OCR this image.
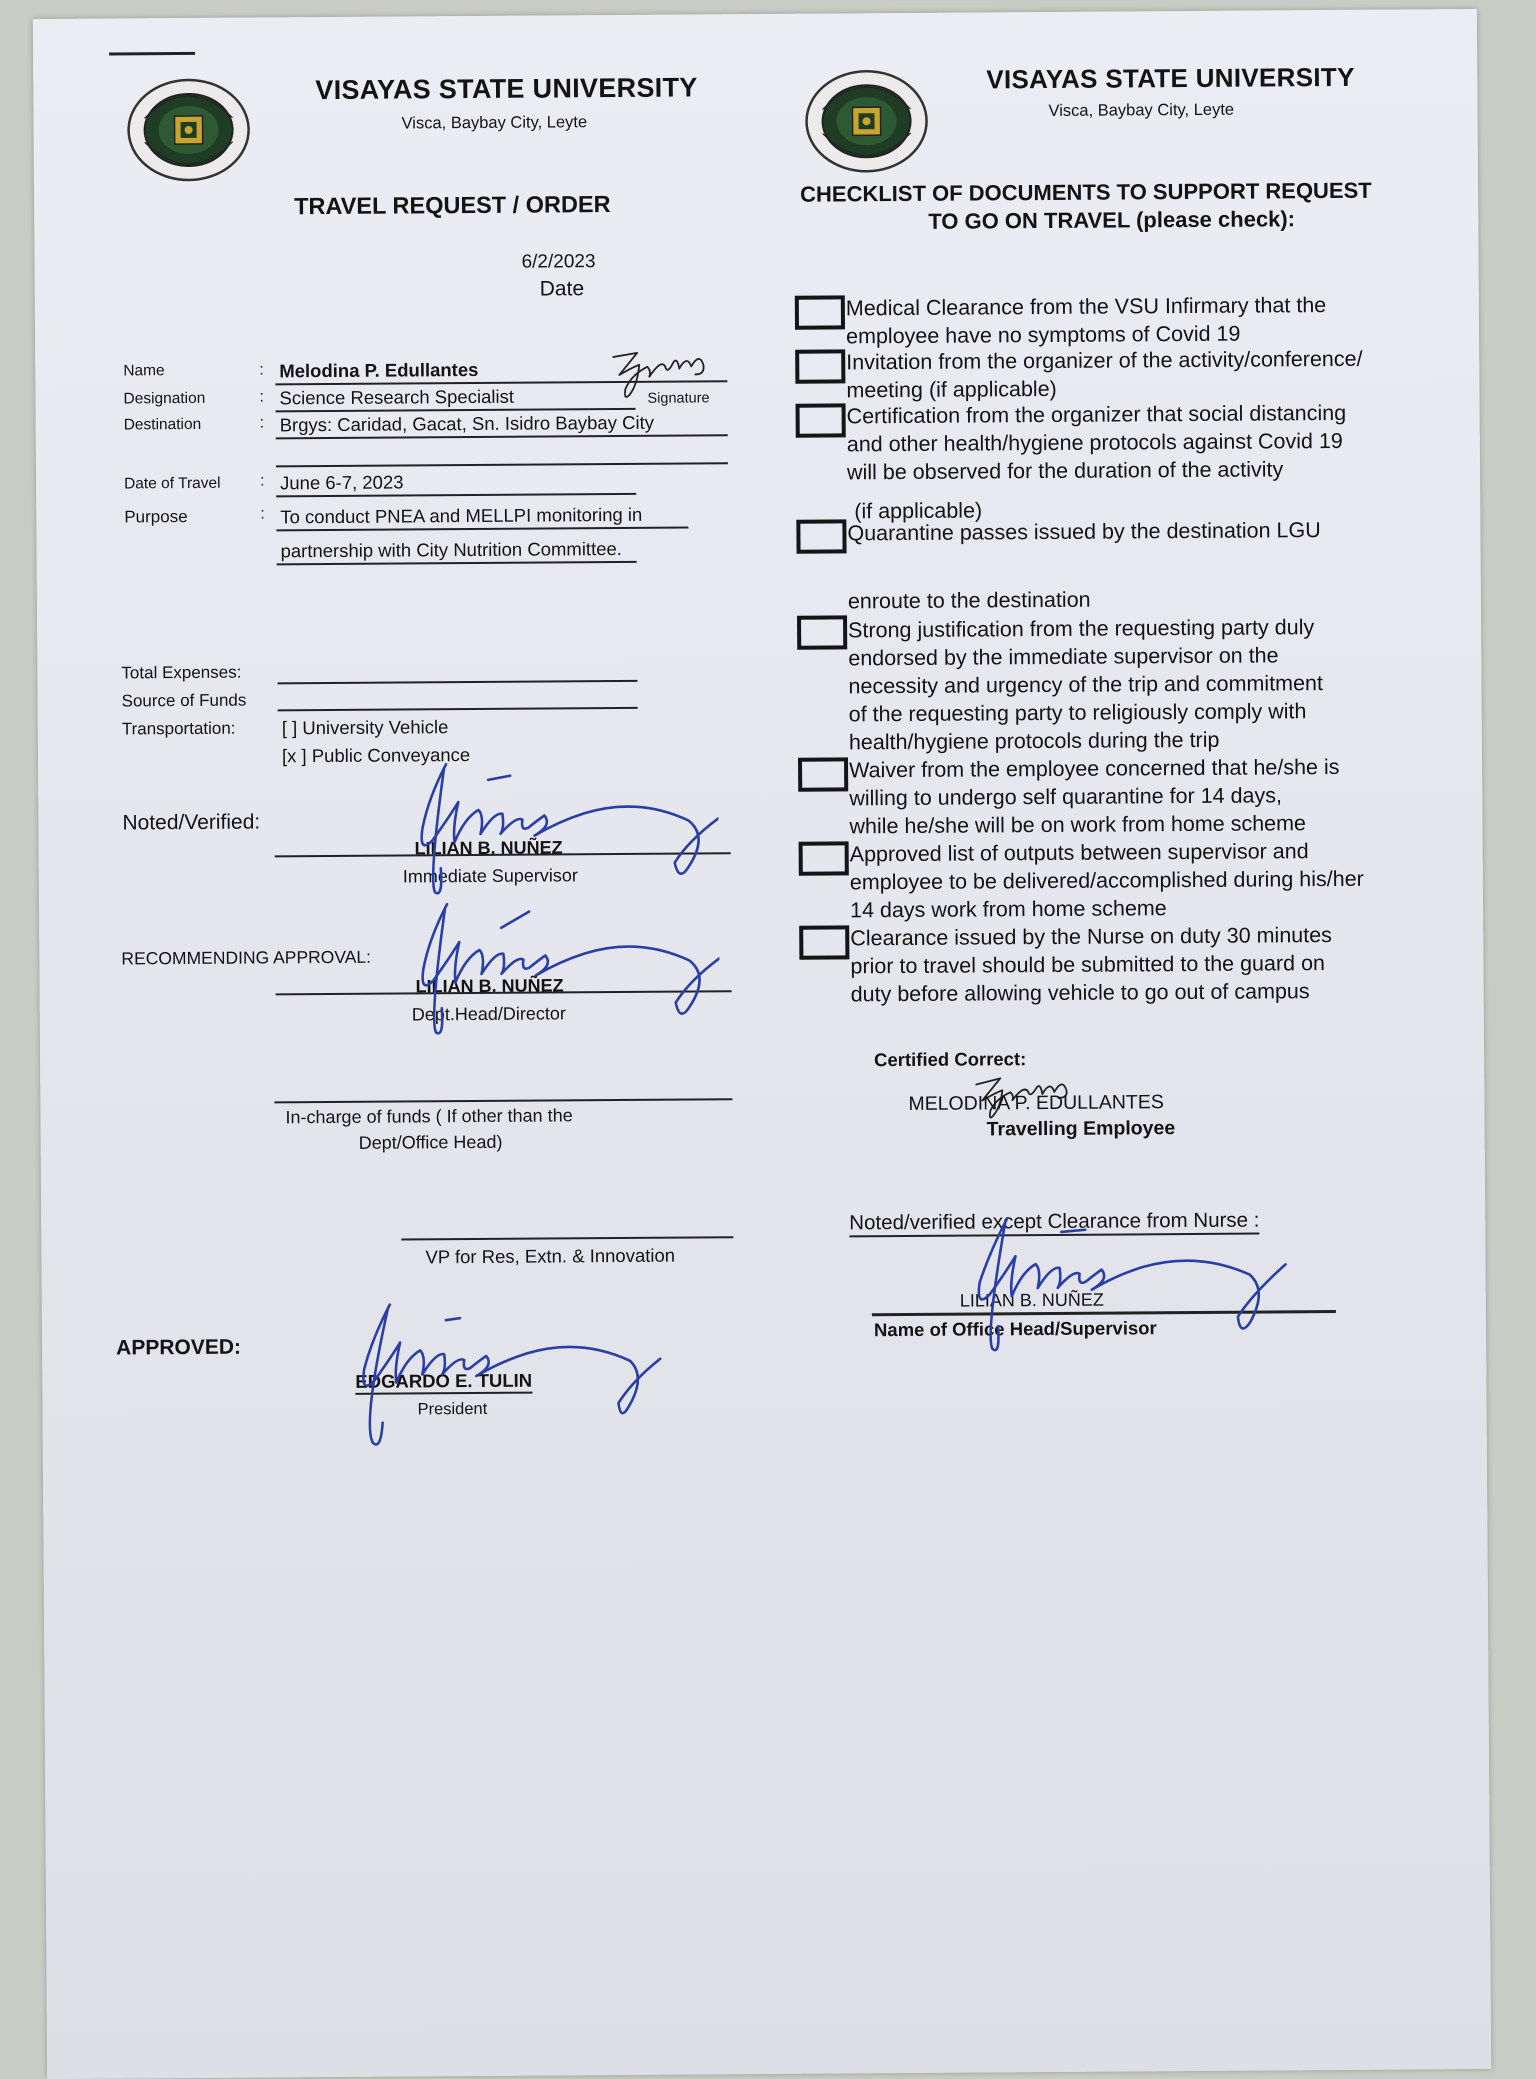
VISAYAS STATE UNIVERSITY
Visca, Baybay City, Leyte
TRAVEL REQUEST / ORDER
6/2/2023
Date
Name	: Melodina P. Edullantes
Designation	: Science Research Specialist	Signature
Destination	: Brgys: Caridad, Gacat, Sn. Isidro Baybay City
Date of Travel : June 6-7, 2023
Purpose	: To conduct PNEA and MELLPI monitoring in
partnership with City Nutrition Committee.
Total Expenses:
Source of Funds
Transportation: [ ] University Vehicle
[x ] Public Conveyance
Noted/Verified:
LILIAN B. NUÑEZ
Immediate Supervisor
RECOMMENDING APPROVAL:
LILIAN B. NUÑEZ
Dept.Head/Director
In-charge of funds ( If other than the
Dept/Office Head)
VP for Res, Extn. & Innovation
APPROVED:
EDGARDO E. TULIN
President
VISAYAS STATE UNIVERSITY
Visca, Baybay City, Leyte
CHECKLIST OF DOCUMENTS TO SUPPORT REQUEST
TO GO ON TRAVEL (please check):
Medical Clearance from the VSU Infirmary that the
employee have no symptoms of Covid 19
Invitation from the organizer of the activity/conference/
meeting (if applicable)
Certification from the organizer that social distancing
and other health/hygiene protocols against Covid 19
will be observed for the duration of the activity
(if applicable)
Quarantine passes issued by the destination LGU
enroute to the destination
Strong justification from the requesting party duly
endorsed by the immediate supervisor on the
necessity and urgency of the trip and commitment
of the requesting party to religiously comply with
health/hygiene protocols during the trip
Waiver from the employee concerned that he/she is
willing to undergo self quarantine for 14 days,
while he/she will be on work from home scheme
Approved list of outputs between supervisor and
employee to be delivered/accomplished during his/her
14 days work from home scheme
Clearance issued by the Nurse on duty 30 minutes
prior to travel should be submitted to the guard on
duty before allowing vehicle to go out of campus
Certified Correct:
MELODINA P. EDULLANTES
Travelling Employee
Noted/verified except Clearance from Nurse :
LILIAN B. NUÑEZ
Name of Office Head/Supervisor
